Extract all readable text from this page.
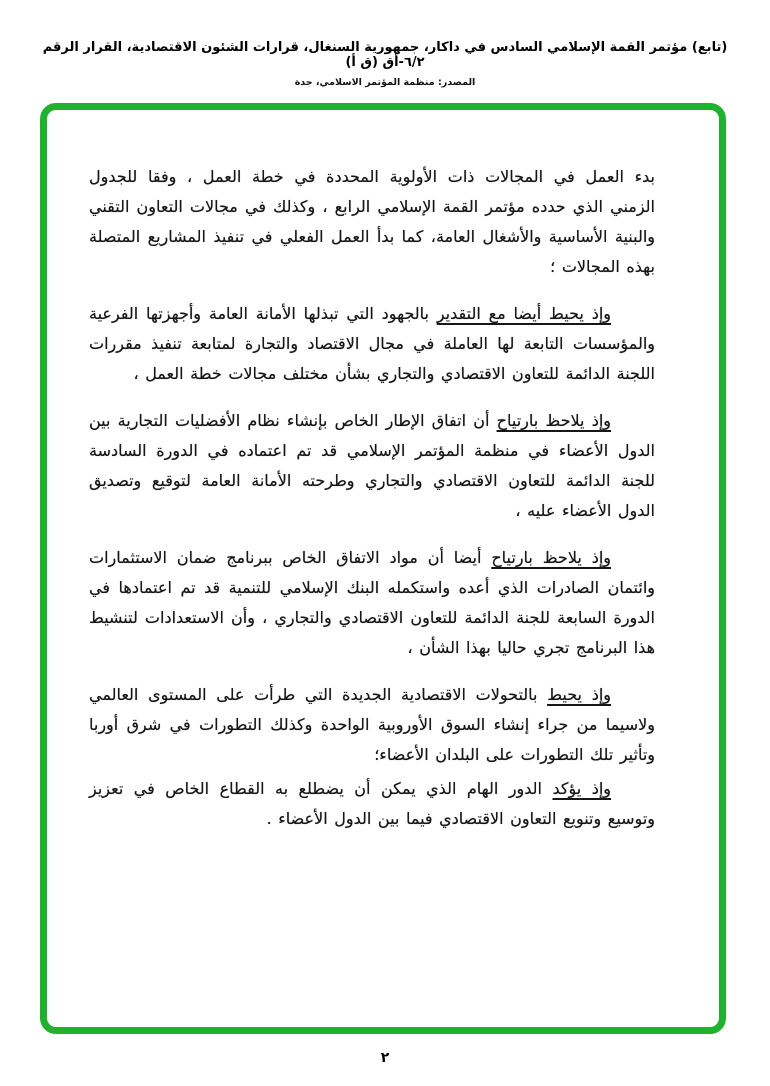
(تابع) مؤتمر القمة الإسلامي السادس في داكار، جمهورية السنغال، قرارات الشئون الاقتصادية، القرار الرقم ٦/٢-أق (ق أ)
المصدر: منظمة المؤتمر الاسلامي، جدة

بدء العمل في المجالات ذات الأولوية المحددة في خطة العمل ، وفقا للجدول الزمني الذي حدده مؤتمر القمة الإسلامي الرابع ، وكذلك في مجالات التعاون التقني والبنية الأساسية والأشغال العامة، كما بدأ العمل الفعلي في تنفيذ المشاريع المتصلة بهذه المجالات ؛

وإذ يحيط أيضا مع التقدير بالجهود التي تبذلها الأمانة العامة وأجهزتها الفرعية والمؤسسات التابعة لها العاملة في مجال الاقتصاد والتجارة لمتابعة تنفيذ مقررات اللجنة الدائمة للتعاون الاقتصادي والتجاري بشأن مختلف مجالات خطة العمل ،

وإذ يلاحظ بارتياح أن اتفاق الإطار الخاص بإنشاء نظام الأفضليات التجارية بين الدول الأعضاء في منظمة المؤتمر الإسلامي قد تم اعتماده في الدورة السادسة للجنة الدائمة للتعاون الاقتصادي والتجاري وطرحته الأمانة العامة لتوقيع وتصديق الدول الأعضاء عليه ،

وإذ يلاحظ بارتياح أيضا أن مواد الاتفاق الخاص ببرنامج ضمان الاستثمارات وائتمان الصادرات الذي أعده واستكمله البنك الإسلامي للتنمية قد تم اعتمادها في الدورة السابعة للجنة الدائمة للتعاون الاقتصادي والتجاري ، وأن الاستعدادات لتنشيط هذا البرنامج تجري حاليا بهذا الشأن ،

وإذ يحيط بالتحولات الاقتصادية الجديدة التي طرأت على المستوى العالمي ولاسيما من جراء إنشاء السوق الأوروبية الواحدة وكذلك التطورات في شرق أوربا وتأثير تلك التطورات على البلدان الأعضاء؛

وإذ يؤكد الدور الهام الذي يمكن أن يضطلع به القطاع الخاص في تعزيز وتوسيع وتنويع التعاون الاقتصادي فيما بين الدول الأعضاء .

٢
